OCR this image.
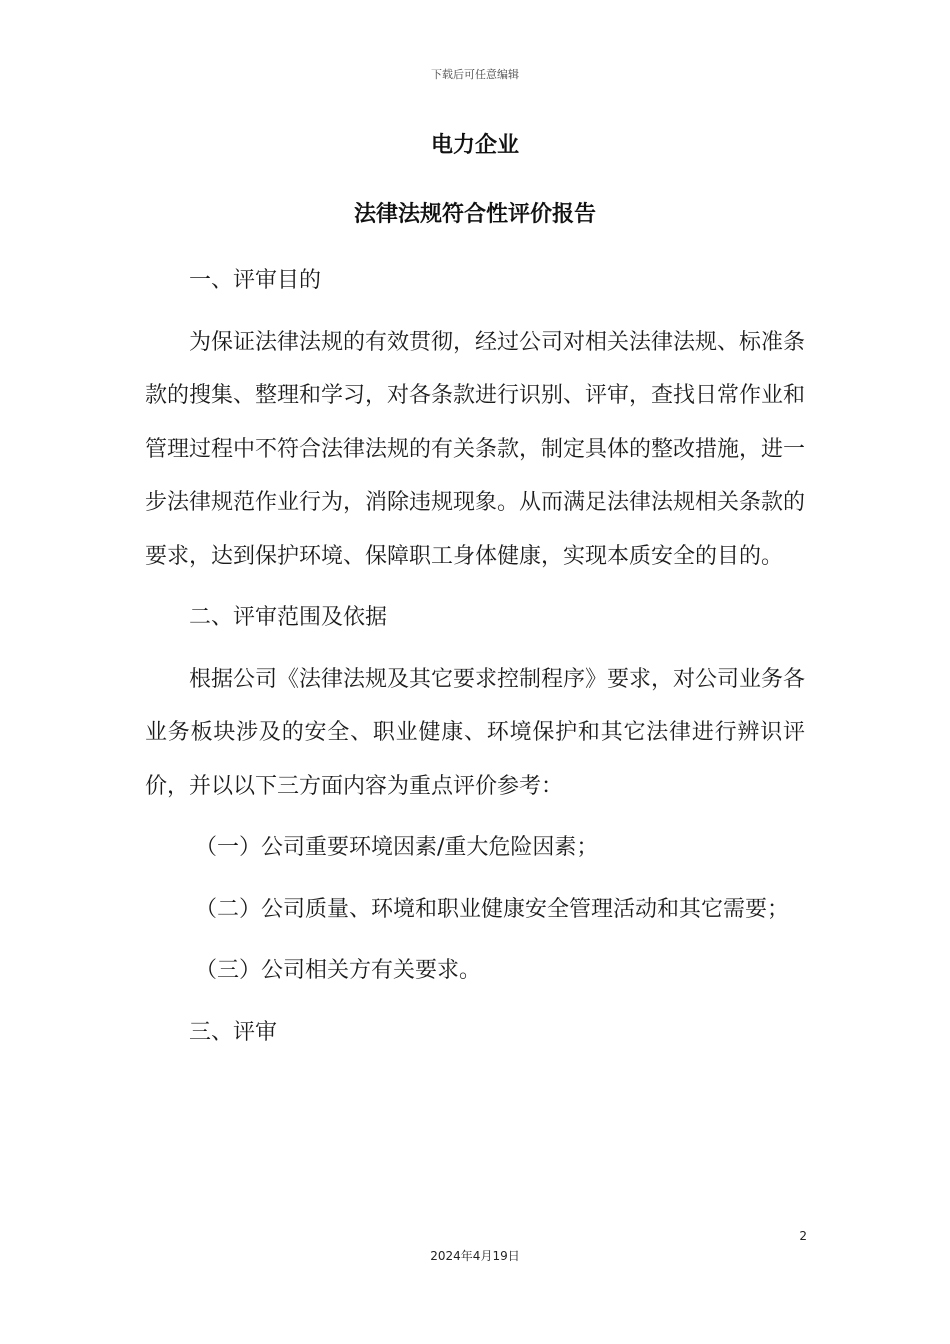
下载后可任意编辑
电力企业
法律法规符合性评价报告

一、评审目的

为保证法律法规的有效贯彻，经过公司对相关法律法规、标准条款的搜集、整理和学习，对各条款进行识别、评审，查找日常作业和管理过程中不符合法律法规的有关条款，制定具体的整改措施，进一步法律规范作业行为，消除违规现象。从而满足法律法规相关条款的要求，达到保护环境、保障职工身体健康，实现本质安全的目的。

二、评审范围及依据

根据公司《法律法规及其它要求控制程序》要求，对公司业务各业务板块涉及的安全、职业健康、环境保护和其它法律进行辨识评价，并以以下三方面内容为重点评价参考：

（一）公司重要环境因素/重大危险因素；

（二）公司质量、环境和职业健康安全管理活动和其它需要；

（三）公司相关方有关要求。

三、评审

2
2024年4月19日
